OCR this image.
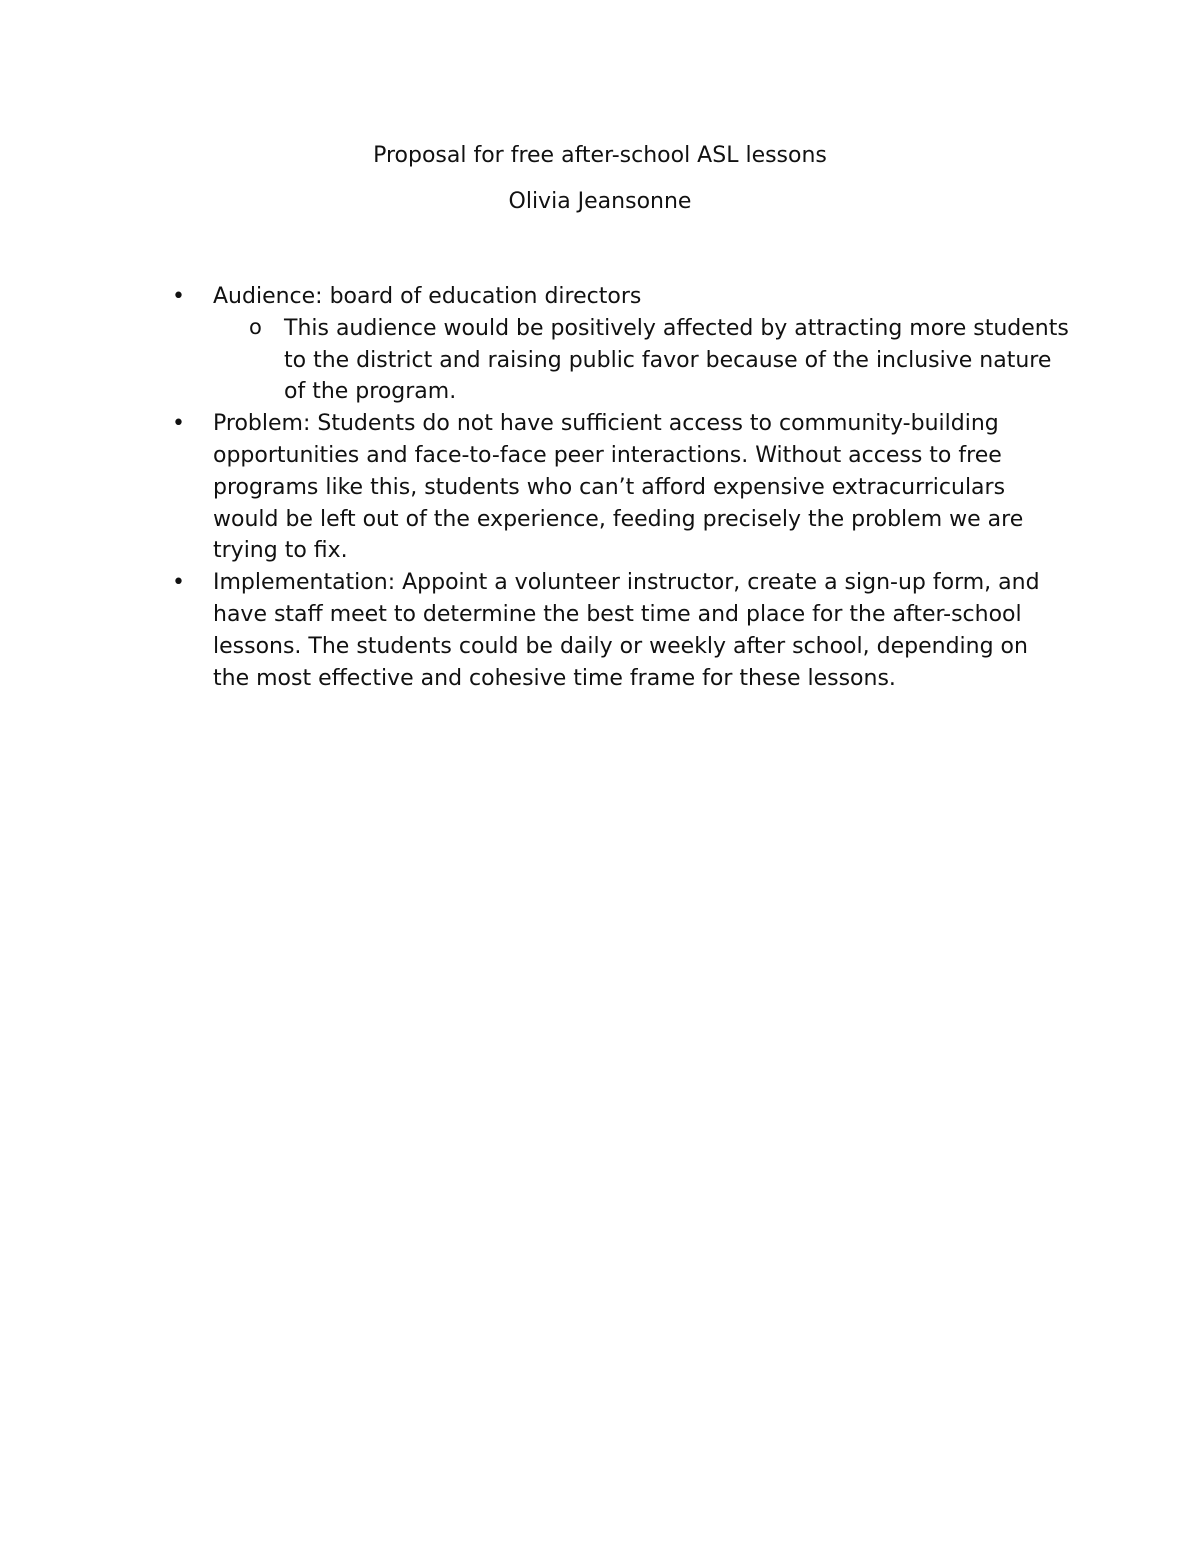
Proposal for free after-school ASL lessons
Olivia Jeansonne
•	Audience: board of education directors
o This audience would be positively affected by attracting more students to the district and raising public favor because of the inclusive nature of the program.
•	Problem: Students do not have sufficient access to community-building opportunities and face-to-face peer interactions. Without access to free programs like this, students who can’t afford expensive extracurriculars would be left out of the experience, feeding precisely the problem we are trying to fix.
•	Implementation: Appoint a volunteer instructor, create a sign-up form, and have staff meet to determine the best time and place for the after-school lessons. The students could be daily or weekly after school, depending on the most effective and cohesive time frame for these lessons.
